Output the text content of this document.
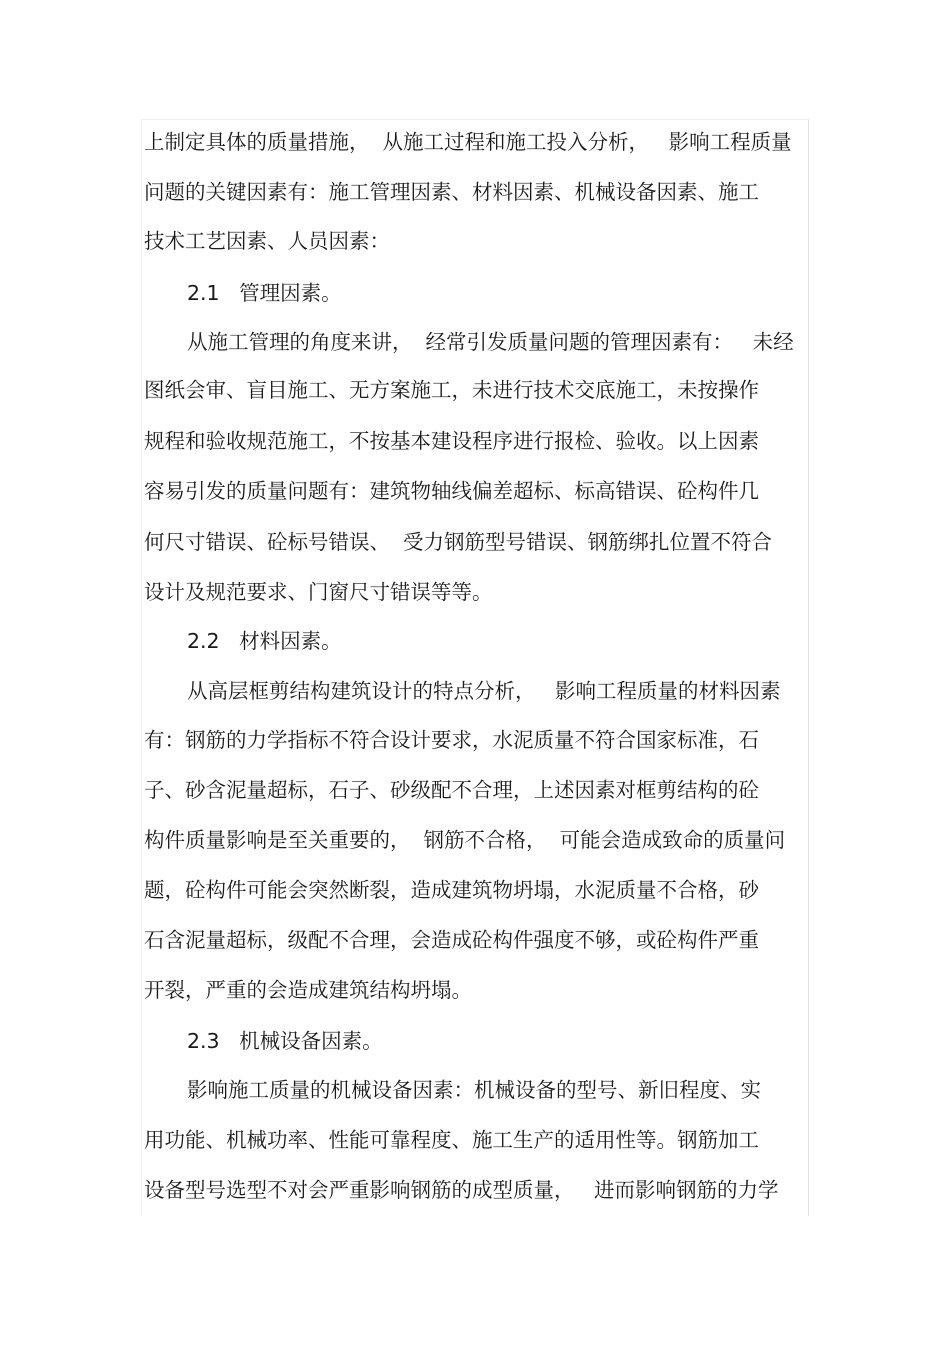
上制定具体的质量措施，  从施工过程和施工投入分析，   影响工程质量
问题的关键因素有：施工管理因素、材料因素、机械设备因素、施工
技术工艺因素、人员因素：
2.1   管理因素。
从施工管理的角度来讲，  经常引发质量问题的管理因素有：   未经
图纸会审、盲目施工、无方案施工，未进行技术交底施工，未按操作
规程和验收规范施工，不按基本建设程序进行报检、验收。以上因素
容易引发的质量问题有：建筑物轴线偏差超标、标高错误、砼构件几
何尺寸错误、砼标号错误、  受力钢筋型号错误、钢筋绑扎位置不符合
设计及规范要求、门窗尺寸错误等等。
2.2   材料因素。
从高层框剪结构建筑设计的特点分析，   影响工程质量的材料因素
有：钢筋的力学指标不符合设计要求，水泥质量不符合国家标准，石
子、砂含泥量超标，石子、砂级配不合理，上述因素对框剪结构的砼
构件质量影响是至关重要的，  钢筋不合格，  可能会造成致命的质量问
题，砼构件可能会突然断裂，造成建筑物坍塌，水泥质量不合格，砂
石含泥量超标，级配不合理，会造成砼构件强度不够，或砼构件严重
开裂，严重的会造成建筑结构坍塌。
2.3   机械设备因素。
影响施工质量的机械设备因素：机械设备的型号、新旧程度、实
用功能、机械功率、性能可靠程度、施工生产的适用性等。钢筋加工
设备型号选型不对会严重影响钢筋的成型质量，   进而影响钢筋的力学
